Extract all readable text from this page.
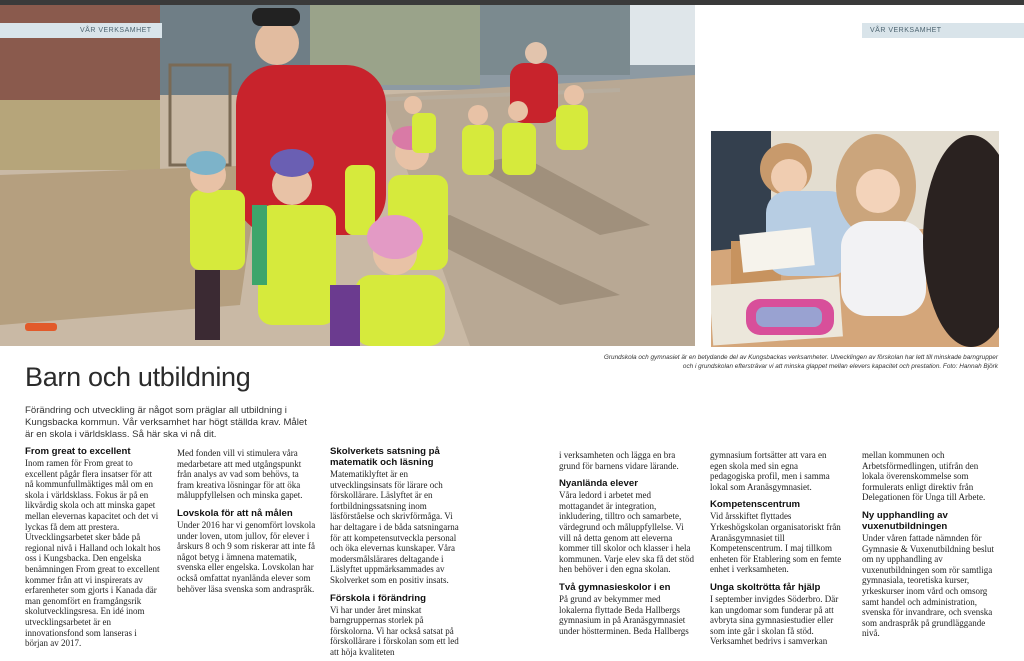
VÅR VERKSAMHET	VÅR VERKSAMHET
Grundskola och gymnasiet är en betydande del av Kungsbackas verksamheter. Utvecklingen av förskolan har lett till minskade barngrupper och i grundskolan eftersträvar vi att minska glappet mellan elevers kapacitet och prestation. Foto: Hannah Björk
Barn och utbildning

Förändring och utveckling är något som präglar all utbildning i Kungsbacka kommun. Vår verksamhet har högt ställda krav. Målet är en skola i världsklass. Så här ska vi nå dit.

From great to excellent

Inom ramen för From great to excellent pågår flera insatser för att nå kommunfullmäktiges mål om en skola i världsklass. Fokus är på en likvärdig skola och att minska gapet mellan elevernas kapacitet och det vi lyckas få dem att prestera. Utvecklingsarbetet sker både på regional nivå i Halland och lokalt hos oss i Kungsbacka. Den engelska benämningen From great to excellent kommer från att vi inspirerats av erfarenheter som gjorts i Kanada där man genomfört en framgångsrik skolutvecklingsresa. En idé inom utvecklingsarbetet är en innovationsfond som lanseras i början av 2017.

Med fonden vill vi stimulera våra medarbetare att med utgångspunkt från analys av vad som behövs, ta fram kreativa lösningar för att öka måluppfyllelsen och minska gapet.

Lovskola för att nå målen

Under 2016 har vi genomfört lovskola under loven, utom jullov, för elever i årskurs 8 och 9 som riskerar att inte få något betyg i ämnena matematik, svenska eller engelska. Lovskolan har också omfattat nyanlända elever som behöver läsa svenska som andraspråk.

Skolverkets satsning på matematik och läsning

Matematiklyftet är en utvecklingsinsats för lärare och förskollärare. Läslyftet är en fortbildningssatsning inom läsförståelse och skrivförmåga. Vi har deltagare i de båda satsningarna för att kompetensutveckla personal och öka elevernas kunskaper. Våra modersmålslärares deltagande i Läslyftet uppmärksammades av Skolverket som en positiv insats.

Förskola i förändring

Vi har under året minskat barngruppernas storlek på förskolorna. Vi har också satsat på förskollärare i förskolan som ett led att höja kvaliteten

i verksamheten och lägga en bra grund för barnens vidare lärande.

Nyanlända elever

Våra ledord i arbetet med mottagandet är integration, inkludering, tilltro och samarbete, värdegrund och måluppfyllelse. Vi vill nå detta genom att eleverna kommer till skolor och klasser i hela kommunen. Varje elev ska få det stöd hen behöver i den egna skolan.

Två gymnasieskolor i en

På grund av bekymmer med lokalerna flyttade Beda Hallbergs gymnasium in på Aranäsgymnasiet under höstterminen. Beda Hallbergs

gymnasium fortsätter att vara en egen skola med sin egna pedagogiska profil, men i samma lokal som Aranäsgymnasiet.

Kompetenscentrum

Vid årsskiftet flyttades Yrkeshögskolan organisatoriskt från Aranäsgymnasiet till Kompetenscentrum. I maj tillkom enheten för Etablering som en femte enhet i verksamheten.

Unga skoltrötta får hjälp

I september invigdes Söderbro. Där kan ungdomar som funderar på att avbryta sina gymnasiestudier eller som inte går i skolan få stöd. Verksamhet bedrivs i samverkan

mellan kommunen och Arbetsförmedlingen, utifrån den lokala överenskommelse som formulerats enligt direktiv från Delegationen för Unga till Arbete.

Ny upphandling av vuxenutbildningen

Under våren fattade nämnden för Gymnasie & Vuxenutbildning beslut om ny upphandling av vuxenutbildningen som rör samtliga gymnasiala, teoretiska kurser, yrkeskurser inom vård och omsorg samt handel och administration, svenska för invandrare, och svenska som andraspråk på grundläggande nivå.
